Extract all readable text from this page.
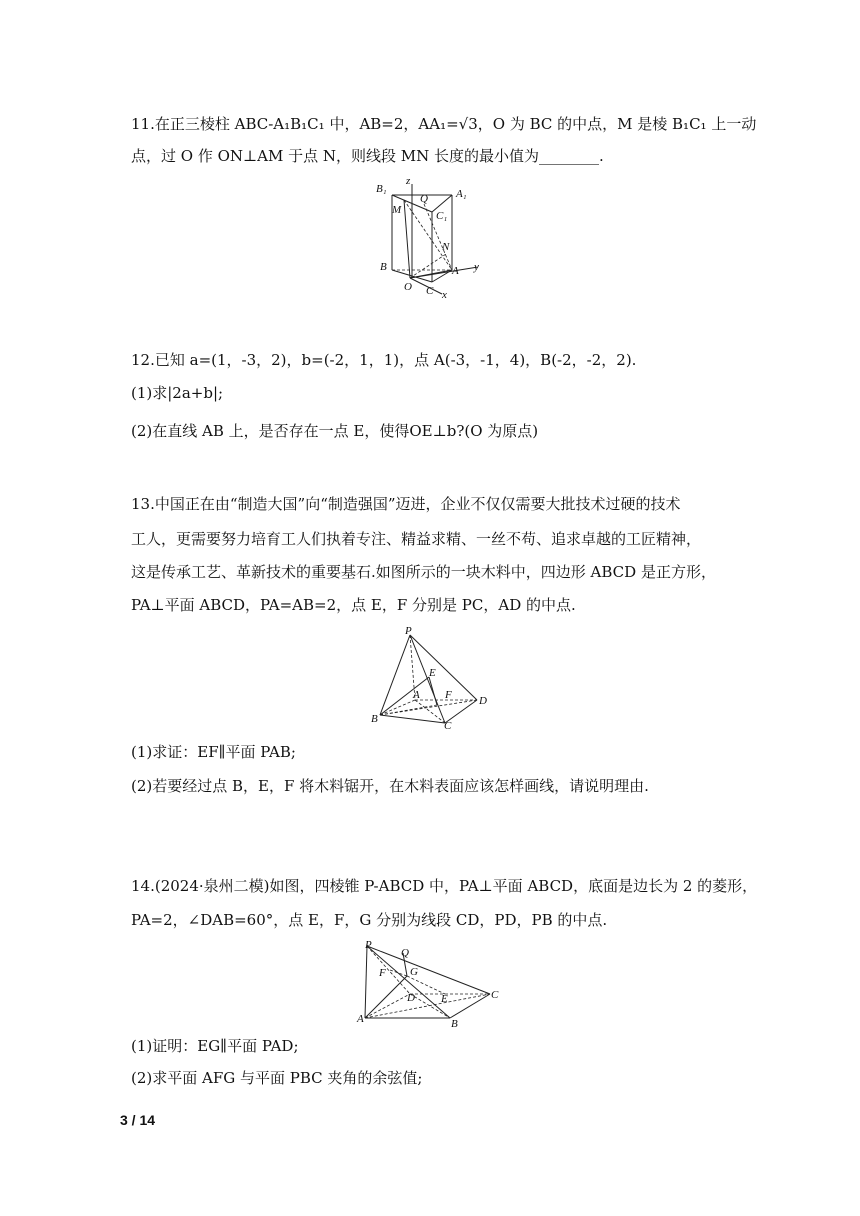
11.在正三棱柱 ABC-A₁B₁C₁ 中，AB=2，AA₁=√3，O 为 BC 的中点，M 是棱 B₁C₁ 上一动
点，过 O 作 ON⊥AM 于点 N，则线段 MN 长度的最小值为________.
B₁
z
Q	A₁
M	C₁
N
B	A y
O C x
12.已知 a=(1，-3，2)，b=(-2，1，1)，点 A(-3，-1，4)，B(-2，-2，2).
(1)求|2a+b|;
(2)在直线 AB 上，是否存在一点 E，使得OE⊥b?(O 为原点)
13.中国正在由“制造大国”向“制造强国”迈进，企业不仅仅需要大批技术过硬的技术
工人，更需要努力培育工人们执着专注、精益求精、一丝不苟、追求卓越的工匠精神，
这是传承工艺、革新技术的重要基石.如图所示的一块木料中，四边形 ABCD 是正方形，
PA⊥平面 ABCD，PA=AB=2，点 E，F 分别是 PC，AD 的中点.
P
E
A F D
B
C
(1)求证：EF∥平面 PAB;
(2)若要经过点 B，E，F 将木料锯开，在木料表面应该怎样画线，请说明理由.
14.(2024·泉州二模)如图，四棱锥 P-ABCD 中，PA⊥平面 ABCD，底面是边长为 2 的菱形，
PA=2，∠DAB=60°，点 E，F，G 分别为线段 CD，PD，PB 的中点.
P
Q
F G
D E	C
A	B
(1)证明：EG∥平面 PAD;
(2)求平面 AFG 与平面 PBC 夹角的余弦值;
3 / 14
